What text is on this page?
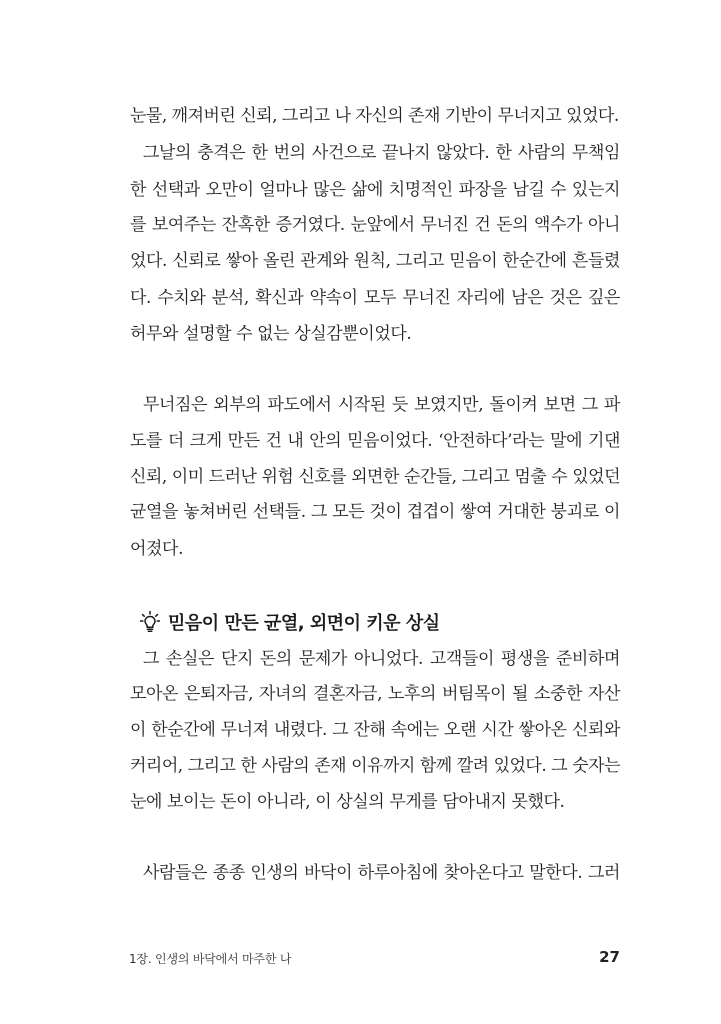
눈물, 깨져버린 신뢰, 그리고 나 자신의 존재 기반이 무너지고 있었다.
그날의 충격은 한 번의 사건으로 끝나지 않았다. 한 사람의 무책임
한 선택과 오만이 얼마나 많은 삶에 치명적인 파장을 남길 수 있는지
를 보여주는 잔혹한 증거였다. 눈앞에서 무너진 건 돈의 액수가 아니
었다. 신뢰로 쌓아 올린 관계와 원칙, 그리고 믿음이 한순간에 흔들렸
다. 수치와 분석, 확신과 약속이 모두 무너진 자리에 남은 것은 깊은
허무와 설명할 수 없는 상실감뿐이었다.
무너짐은 외부의 파도에서 시작된 듯 보였지만, 돌이켜 보면 그 파
도를 더 크게 만든 건 내 안의 믿음이었다. ‘안전하다’라는 말에 기댄
신뢰, 이미 드러난 위험 신호를 외면한 순간들, 그리고 멈출 수 있었던
균열을 놓쳐버린 선택들. 그 모든 것이 겹겹이 쌓여 거대한 붕괴로 이
어졌다.
믿음이 만든 균열, 외면이 키운 상실
그 손실은 단지 돈의 문제가 아니었다. 고객들이 평생을 준비하며
모아온 은퇴자금, 자녀의 결혼자금, 노후의 버팀목이 될 소중한 자산
이 한순간에 무너져 내렸다. 그 잔해 속에는 오랜 시간 쌓아온 신뢰와
커리어, 그리고 한 사람의 존재 이유까지 함께 깔려 있었다. 그 숫자는
눈에 보이는 돈이 아니라, 이 상실의 무게를 담아내지 못했다.
사람들은 종종 인생의 바닥이 하루아침에 찾아온다고 말한다. 그러
1장. 인생의 바닥에서 마주한 나	27
